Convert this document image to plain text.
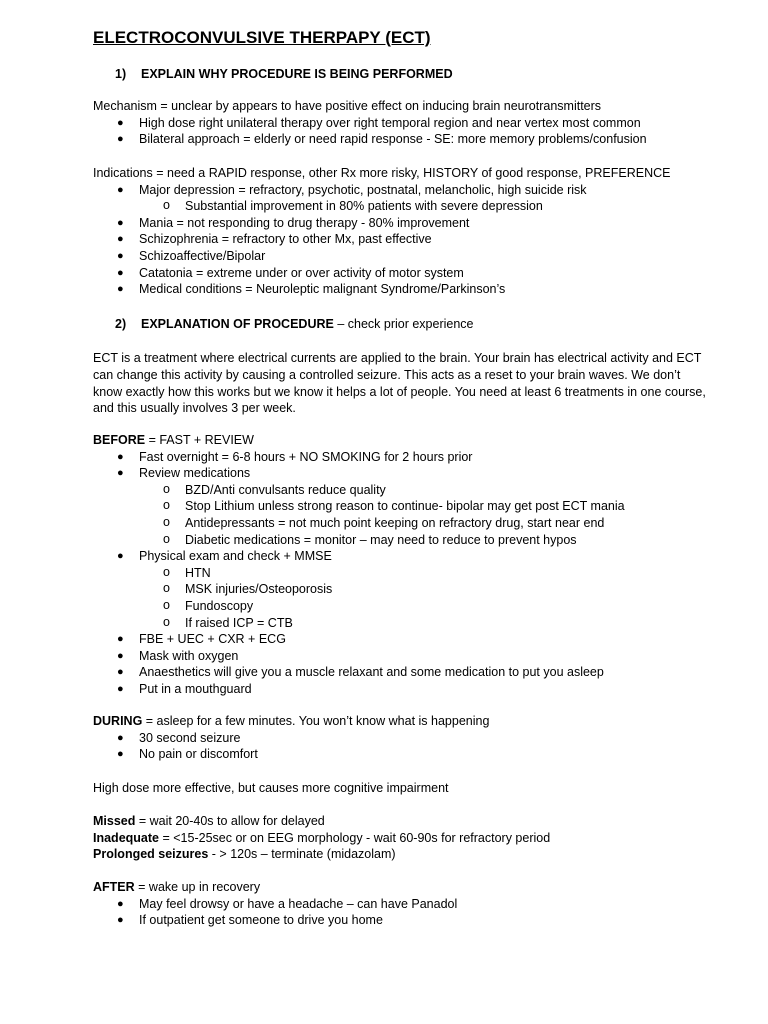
ELECTROCONVULSIVE THERPAPY (ECT)
1)	EXPLAIN WHY PROCEDURE IS BEING PERFORMED

Mechanism = unclear by appears to have positive effect on inducing brain neurotransmitters

● High dose right unilateral therapy over right temporal region and near vertex most common
● Bilateral approach = elderly or need rapid response - SE: more memory problems/confusion

Indications = need a RAPID response, other Rx more risky, HISTORY of good response, PREFERENCE

● Major depression = refractory, psychotic, postnatal, melancholic, high suicide risk
o Substantial improvement in 80% patients with severe depression
● Mania = not responding to drug therapy - 80% improvement
● Schizophrenia = refractory to other Mx, past effective
● Schizoaffective/Bipolar
● Catatonia = extreme under or over activity of motor system
● Medical conditions = Neuroleptic malignant Syndrome/Parkinson’s
2)	EXPLANATION OF PROCEDURE – check prior experience

ECT is a treatment where electrical currents are applied to the brain. Your brain has electrical activity and ECT can change this activity by causing a controlled seizure. This acts as a reset to your brain waves. We don’t know exactly how this works but we know it helps a lot of people. You need at least 6 treatments in one course, and this usually involves 3 per week.

BEFORE = FAST + REVIEW

● Fast overnight = 6-8 hours + NO SMOKING for 2 hours prior
● Review medications
o BZD/Anti convulsants reduce quality
o Stop Lithium unless strong reason to continue- bipolar may get post ECT mania
o Antidepressants = not much point keeping on refractory drug, start near end
o Diabetic medications = monitor – may need to reduce to prevent hypos
● Physical exam and check + MMSE
o HTN
o MSK injuries/Osteoporosis
o Fundoscopy
o If raised ICP = CTB
● FBE + UEC + CXR + ECG
● Mask with oxygen
● Anaesthetics will give you a muscle relaxant and some medication to put you asleep
● Put in a mouthguard

DURING = asleep for a few minutes. You won’t know what is happening

● 30 second seizure
● No pain or discomfort

High dose more effective, but causes more cognitive impairment

Missed = wait 20-40s to allow for delayed

Inadequate = <15-25sec or on EEG morphology - wait 60-90s for refractory period

Prolonged seizures - > 120s – terminate (midazolam)

AFTER = wake up in recovery

● May feel drowsy or have a headache – can have Panadol
● If outpatient get someone to drive you home
